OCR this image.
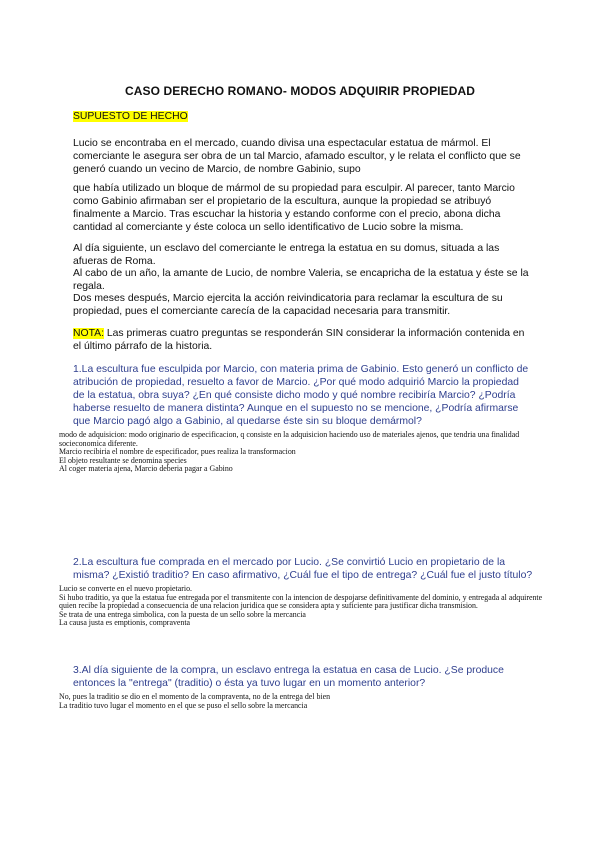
CASO DERECHO ROMANO- MODOS ADQUIRIR PROPIEDAD
SUPUESTO DE HECHO

Lucio se encontraba en el mercado, cuando divisa una espectacular estatua de mármol. El comerciante le asegura ser obra de un tal Marcio, afamado escultor, y le relata el conflicto que se generó cuando un vecino de Marcio, de nombre Gabinio, supo

que había utilizado un bloque de mármol de su propiedad para esculpir. Al parecer, tanto Marcio como Gabinio afirmaban ser el propietario de la escultura, aunque la propiedad se atribuyó finalmente a Marcio. Tras escuchar la historia y estando conforme con el precio, abona dicha cantidad al comerciante y éste coloca un sello identificativo de Lucio sobre la misma.

Al día siguiente, un esclavo del comerciante le entrega la estatua en su domus, situada a las afueras de Roma.

Al cabo de un año, la amante de Lucio, de nombre Valeria, se encapricha de la estatua y éste se la regala.

Dos meses después, Marcio ejercita la acción reivindicatoria para reclamar la escultura de su propiedad, pues el comerciante carecía de la capacidad necesaria para transmitir.

NOTA: Las primeras cuatro preguntas se responderán SIN considerar la información contenida en el último párrafo de la historia.

1.La escultura fue esculpida por Marcio, con materia prima de Gabinio. Esto generó un conflicto de atribución de propiedad, resuelto a favor de Marcio. ¿Por qué modo adquirió Marcio la propiedad de la estatua, obra suya? ¿En qué consiste dicho modo y qué nombre recibiría Marcio? ¿Podría haberse resuelto de manera distinta? Aunque en el supuesto no se mencione, ¿Podría afirmarse que Marcio pagó algo a Gabinio, al quedarse éste sin su bloque demármol?

modo de adquisicion: modo originario de especificacion, q consiste en la adquisicion haciendo uso de materiales ajenos, que tendria una finalidad socieconomica diferente.
Marcio recibiria el nombre de especificador, pues realiza la transformacion
El objeto resultante se denomina species
Al coger materia ajena, Marcio deberia pagar a Gabino

2.La escultura fue comprada en el mercado por Lucio. ¿Se convirtió Lucio en propietario de la misma? ¿Existió traditio? En caso afirmativo, ¿Cuál fue el tipo de entrega? ¿Cuál fue el justo título?

Lucio se converte en el nuevo propietario.
Si hubo traditio, ya que la estatua fue entregada por el transmitente con la intencion de despojarse definitivamente del dominio, y entregada al adquirente quien recibe la propiedad a consecuencia de una relacion juridica que se considera apta y suficiente para justificar dicha transmision.
Se trata de una entrega simbolica, con la puesta de un sello sobre la mercancia
La causa justa es emptionis, compraventa

3.Al día siguiente de la compra, un esclavo entrega la estatua en casa de Lucio. ¿Se produce entonces la "entrega" (traditio) o ésta ya tuvo lugar en un momento anterior?

No, pues la traditio se dio en el momento de la compraventa, no de la entrega del bien
La traditio tuvo lugar el momento en el que se puso el sello sobre la mercancia
